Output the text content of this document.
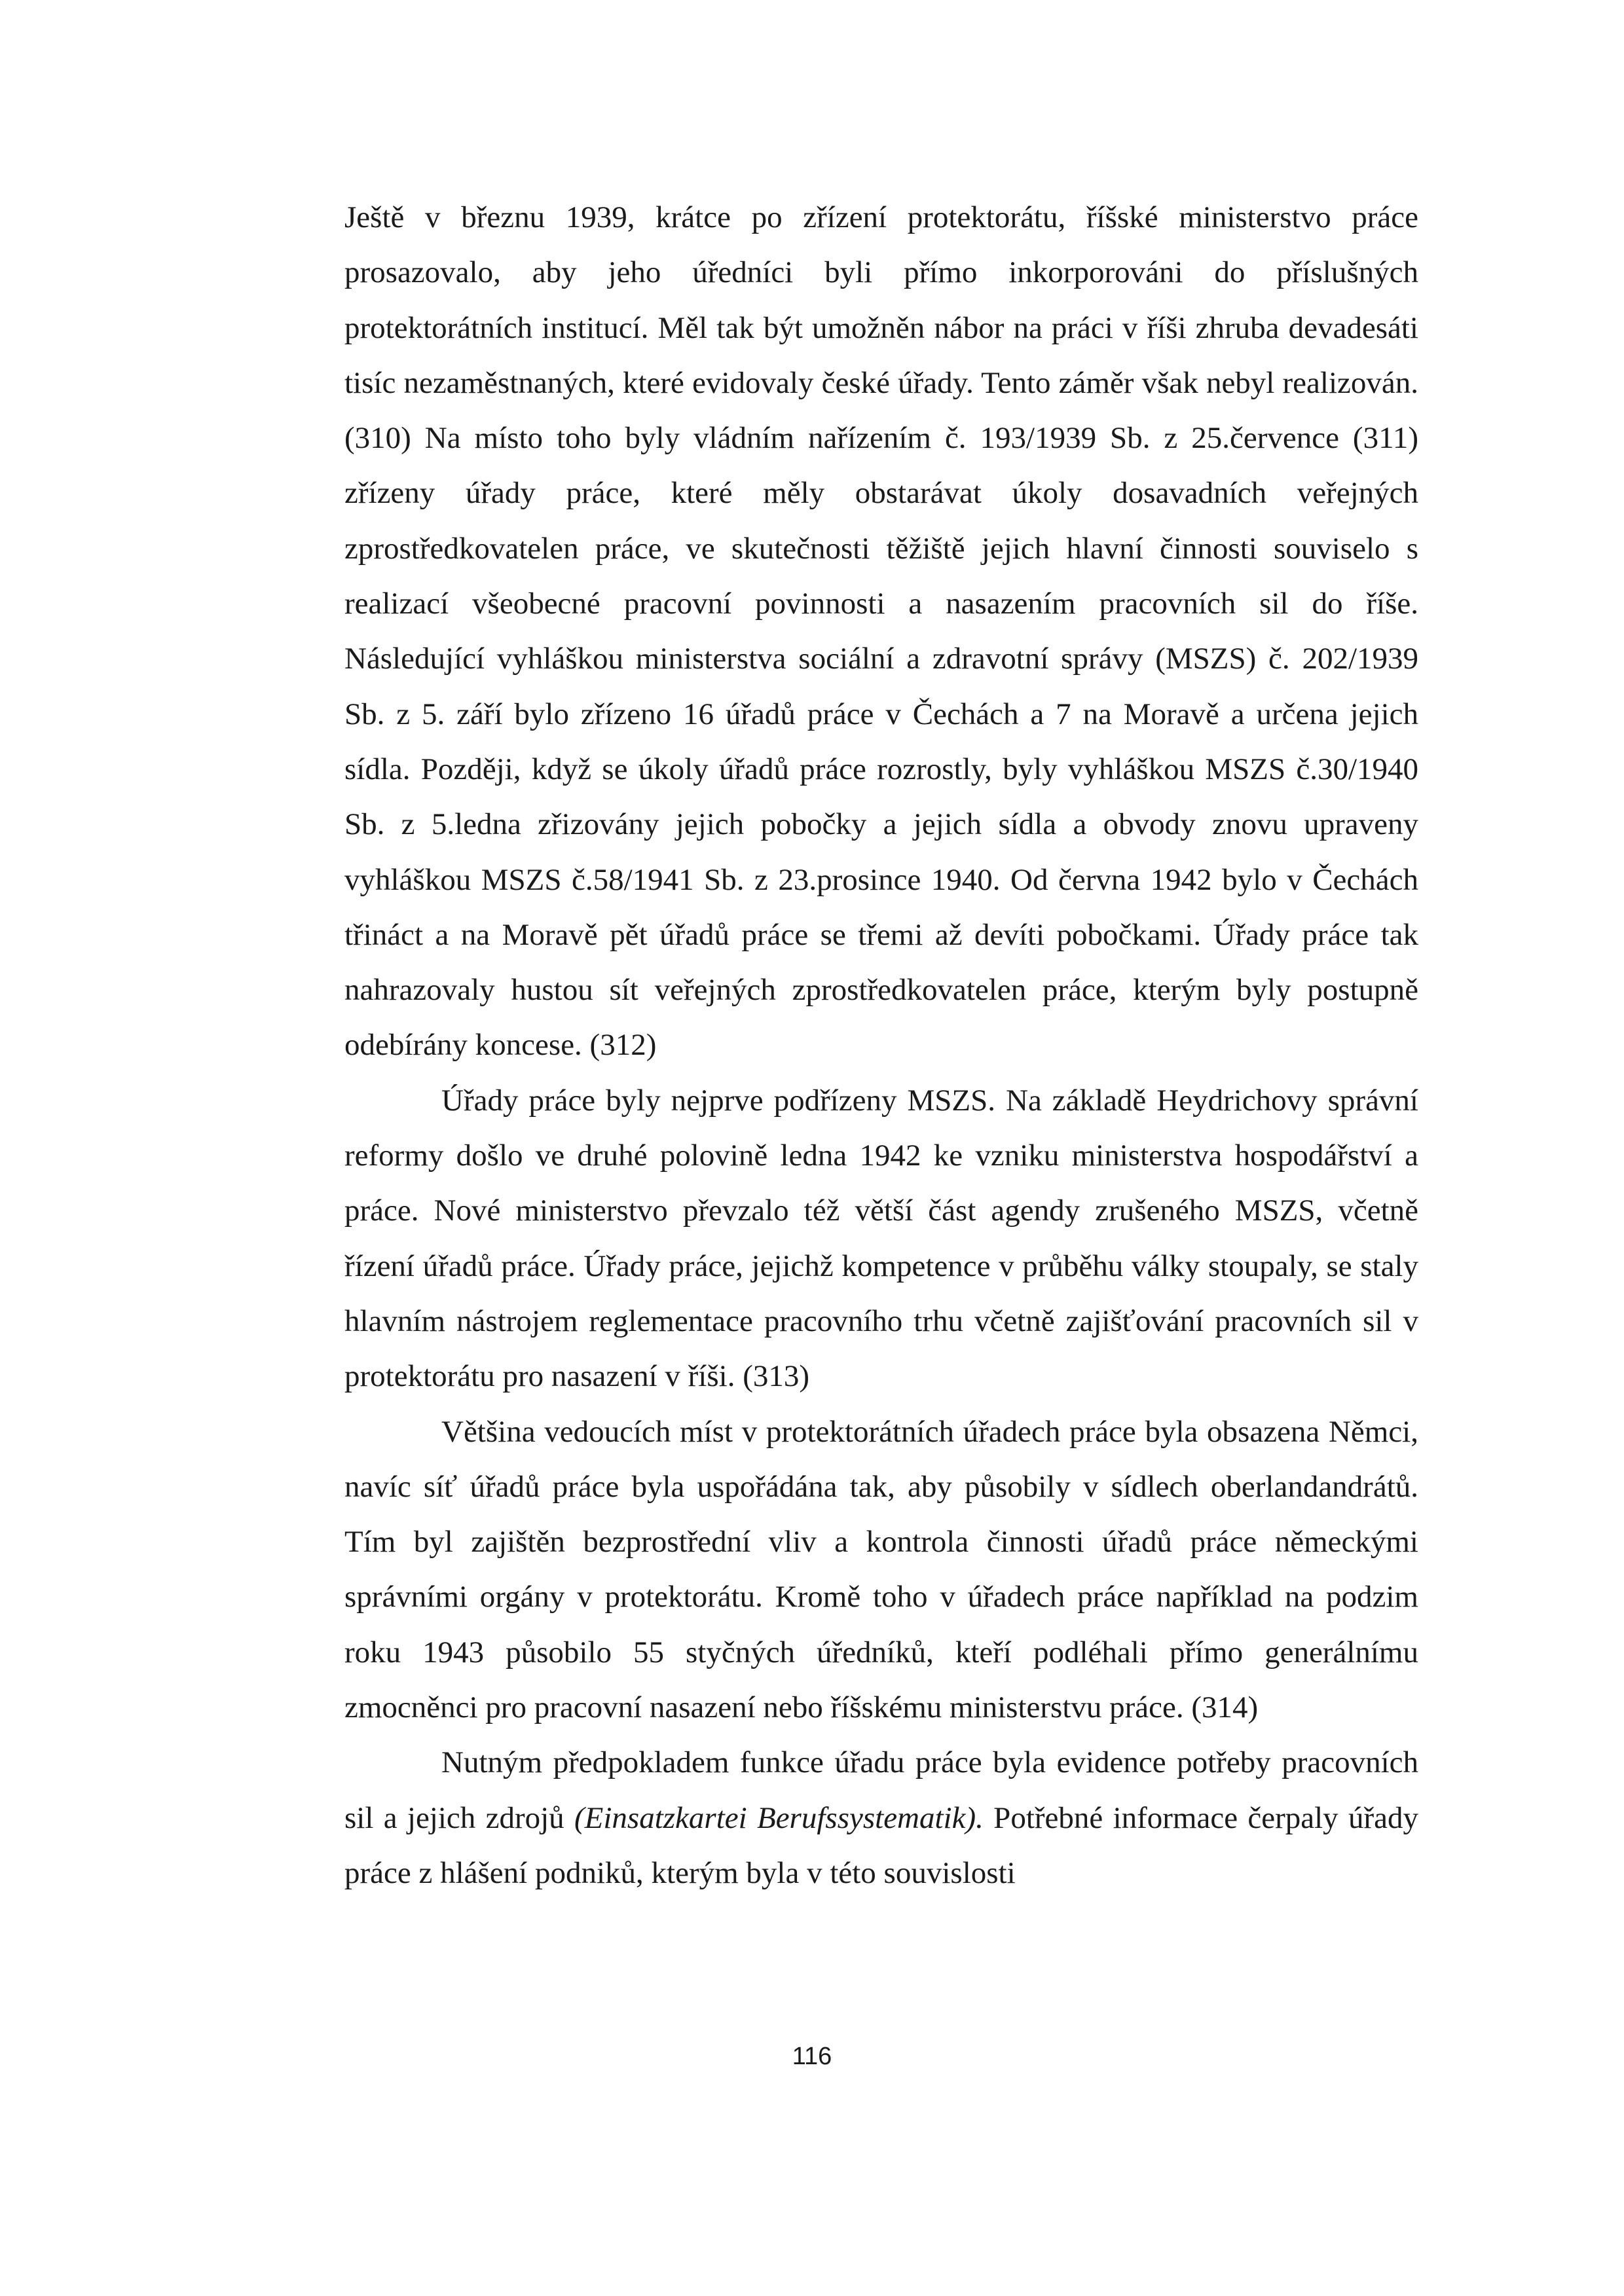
Ještě v březnu 1939, krátce po zřízení protektorátu, říšské ministerstvo práce prosazovalo, aby jeho úředníci byli přímo inkorporováni do příslušných protektorátních institucí. Měl tak být umožněn nábor na práci v říši zhruba devadesáti tisíc nezaměstnaných, které evidovaly české úřady. Tento záměr však nebyl realizován.(310) Na místo toho byly vládním nařízením č. 193/1939 Sb. z 25.července (311) zřízeny úřady práce, které měly obstarávat úkoly dosavadních veřejných zprostředkovatelen práce, ve skutečnosti těžiště jejich hlavní činnosti souviselo s realizací všeobecné pracovní povinnosti a nasazením pracovních sil do říše. Následující vyhláškou ministerstva sociální a zdravotní správy (MSZS) č. 202/1939 Sb. z 5. září bylo zřízeno 16 úřadů práce v Čechách a 7 na Moravě a určena jejich sídla. Později, když se úkoly úřadů práce rozrostly, byly vyhláškou MSZS č.30/1940 Sb. z 5.ledna zřizovány jejich pobočky a jejich sídla a obvody znovu upraveny vyhláškou MSZS č.58/1941 Sb. z 23.prosince 1940. Od června 1942 bylo v Čechách třináct a na Moravě pět úřadů práce se třemi až devíti pobočkami. Úřady práce tak nahrazovaly hustou sít veřejných zprostředkovatelen práce, kterým byly postupně odebírány koncese. (312)

Úřady práce byly nejprve podřízeny MSZS. Na základě Heydrichovy správní reformy došlo ve druhé polovině ledna 1942 ke vzniku ministerstva hospodářství a práce. Nové ministerstvo převzalo též větší část agendy zrušeného MSZS, včetně řízení úřadů práce. Úřady práce, jejichž kompetence v průběhu války stoupaly, se staly hlavním nástrojem reglementace pracovního trhu včetně zajišťování pracovních sil v protektorátu pro nasazení v říši. (313)

Většina vedoucích míst v protektorátních úřadech práce byla obsazena Němci, navíc síť úřadů práce byla uspořádána tak, aby působily v sídlech oberlandandrátů. Tím byl zajištěn bezprostřední vliv a kontrola činnosti úřadů práce německými správními orgány v protektorátu. Kromě toho v úřadech práce například na podzim roku 1943 působilo 55 styčných úředníků, kteří podléhali přímo generálnímu zmocněnci pro pracovní nasazení nebo říšskému ministerstvu práce. (314)

Nutným předpokladem funkce úřadu práce byla evidence potřeby pracovních sil a jejich zdrojů (Einsatzkartei Berufssystematik). Potřebné informace čerpaly úřady práce z hlášení podniků, kterým byla v této souvislosti

116
